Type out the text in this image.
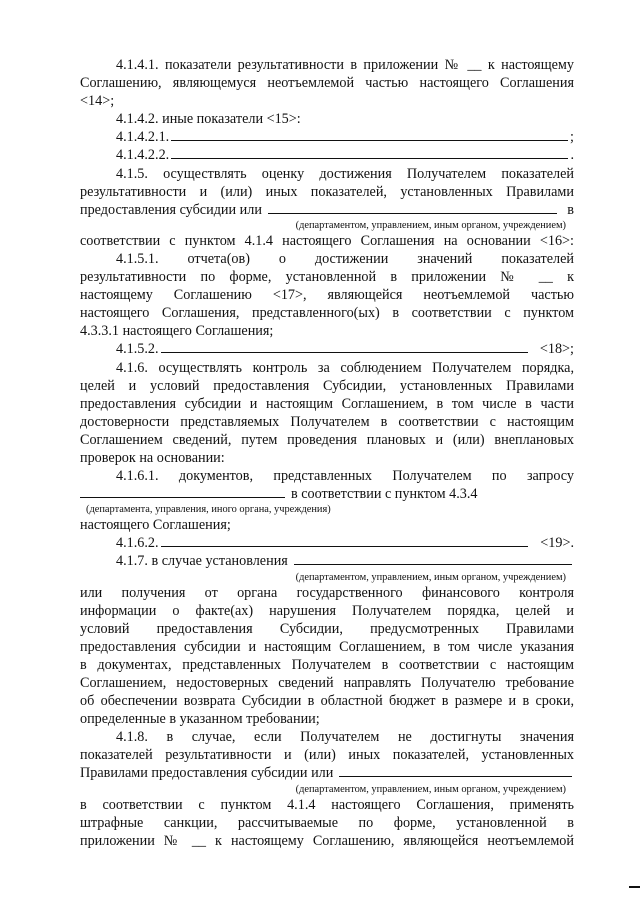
4.1.4.1. показатели результативности в приложении № __ к настоящему

Соглашению, являющемуся неотъемлемой частью настоящего Соглашения

<14>;

4.1.4.2. иные показатели <15>:

4.1.4.2.1.	;
4.1.4.2.2.	.

4.1.5. осуществлять оценку достижения Получателем показателей

результативности и (или) иных показателей, установленных Правилами

предоставления субсидии или	в
(департаментом, управлением, иным органом, учреждением)

соответствии с пунктом 4.1.4 настоящего Соглашения на основании <16>:

4.1.5.1. отчета(ов) о достижении значений показателей

результативности по форме, установленной в приложении № __ к

настоящему Соглашению <17>, являющейся неотъемлемой частью

настоящего Соглашения, представленного(ых) в соответствии с пунктом

4.3.3.1 настоящего Соглашения;

4.1.5.2.	<18>;

4.1.6. осуществлять контроль за соблюдением Получателем порядка,

целей и условий предоставления Субсидии, установленных Правилами

предоставления субсидии и настоящим Соглашением, в том числе в части

достоверности представляемых Получателем в соответствии с настоящим

Соглашением сведений, путем проведения плановых и (или) внеплановых

проверок на основании:

4.1.6.1. документов, представленных Получателем по запросу

в соответствии с пунктом 4.3.4
(департамента, управления, иного органа, учреждения)

настоящего Соглашения;

4.1.6.2.	<19>.
4.1.7. в случае установления
(департаментом, управлением, иным органом, учреждением)

или получения от органа государственного финансового контроля

информации о факте(ах) нарушения Получателем порядка, целей и

условий предоставления Субсидии, предусмотренных Правилами

предоставления субсидии и настоящим Соглашением, в том числе указания

в документах, представленных Получателем в соответствии с настоящим

Соглашением, недостоверных сведений направлять Получателю требование

об обеспечении возврата Субсидии в областной бюджет в размере и в сроки,

определенные в указанном требовании;

4.1.8. в случае, если Получателем не достигнуты значения

показателей результативности и (или) иных показателей, установленных

Правилами предоставления субсидии или
(департаментом, управлением, иным органом, учреждением)

в соответствии с пунктом 4.1.4 настоящего Соглашения, применять

штрафные санкции, рассчитываемые по форме, установленной в

приложении № __ к настоящему Соглашению, являющейся неотъемлемой
